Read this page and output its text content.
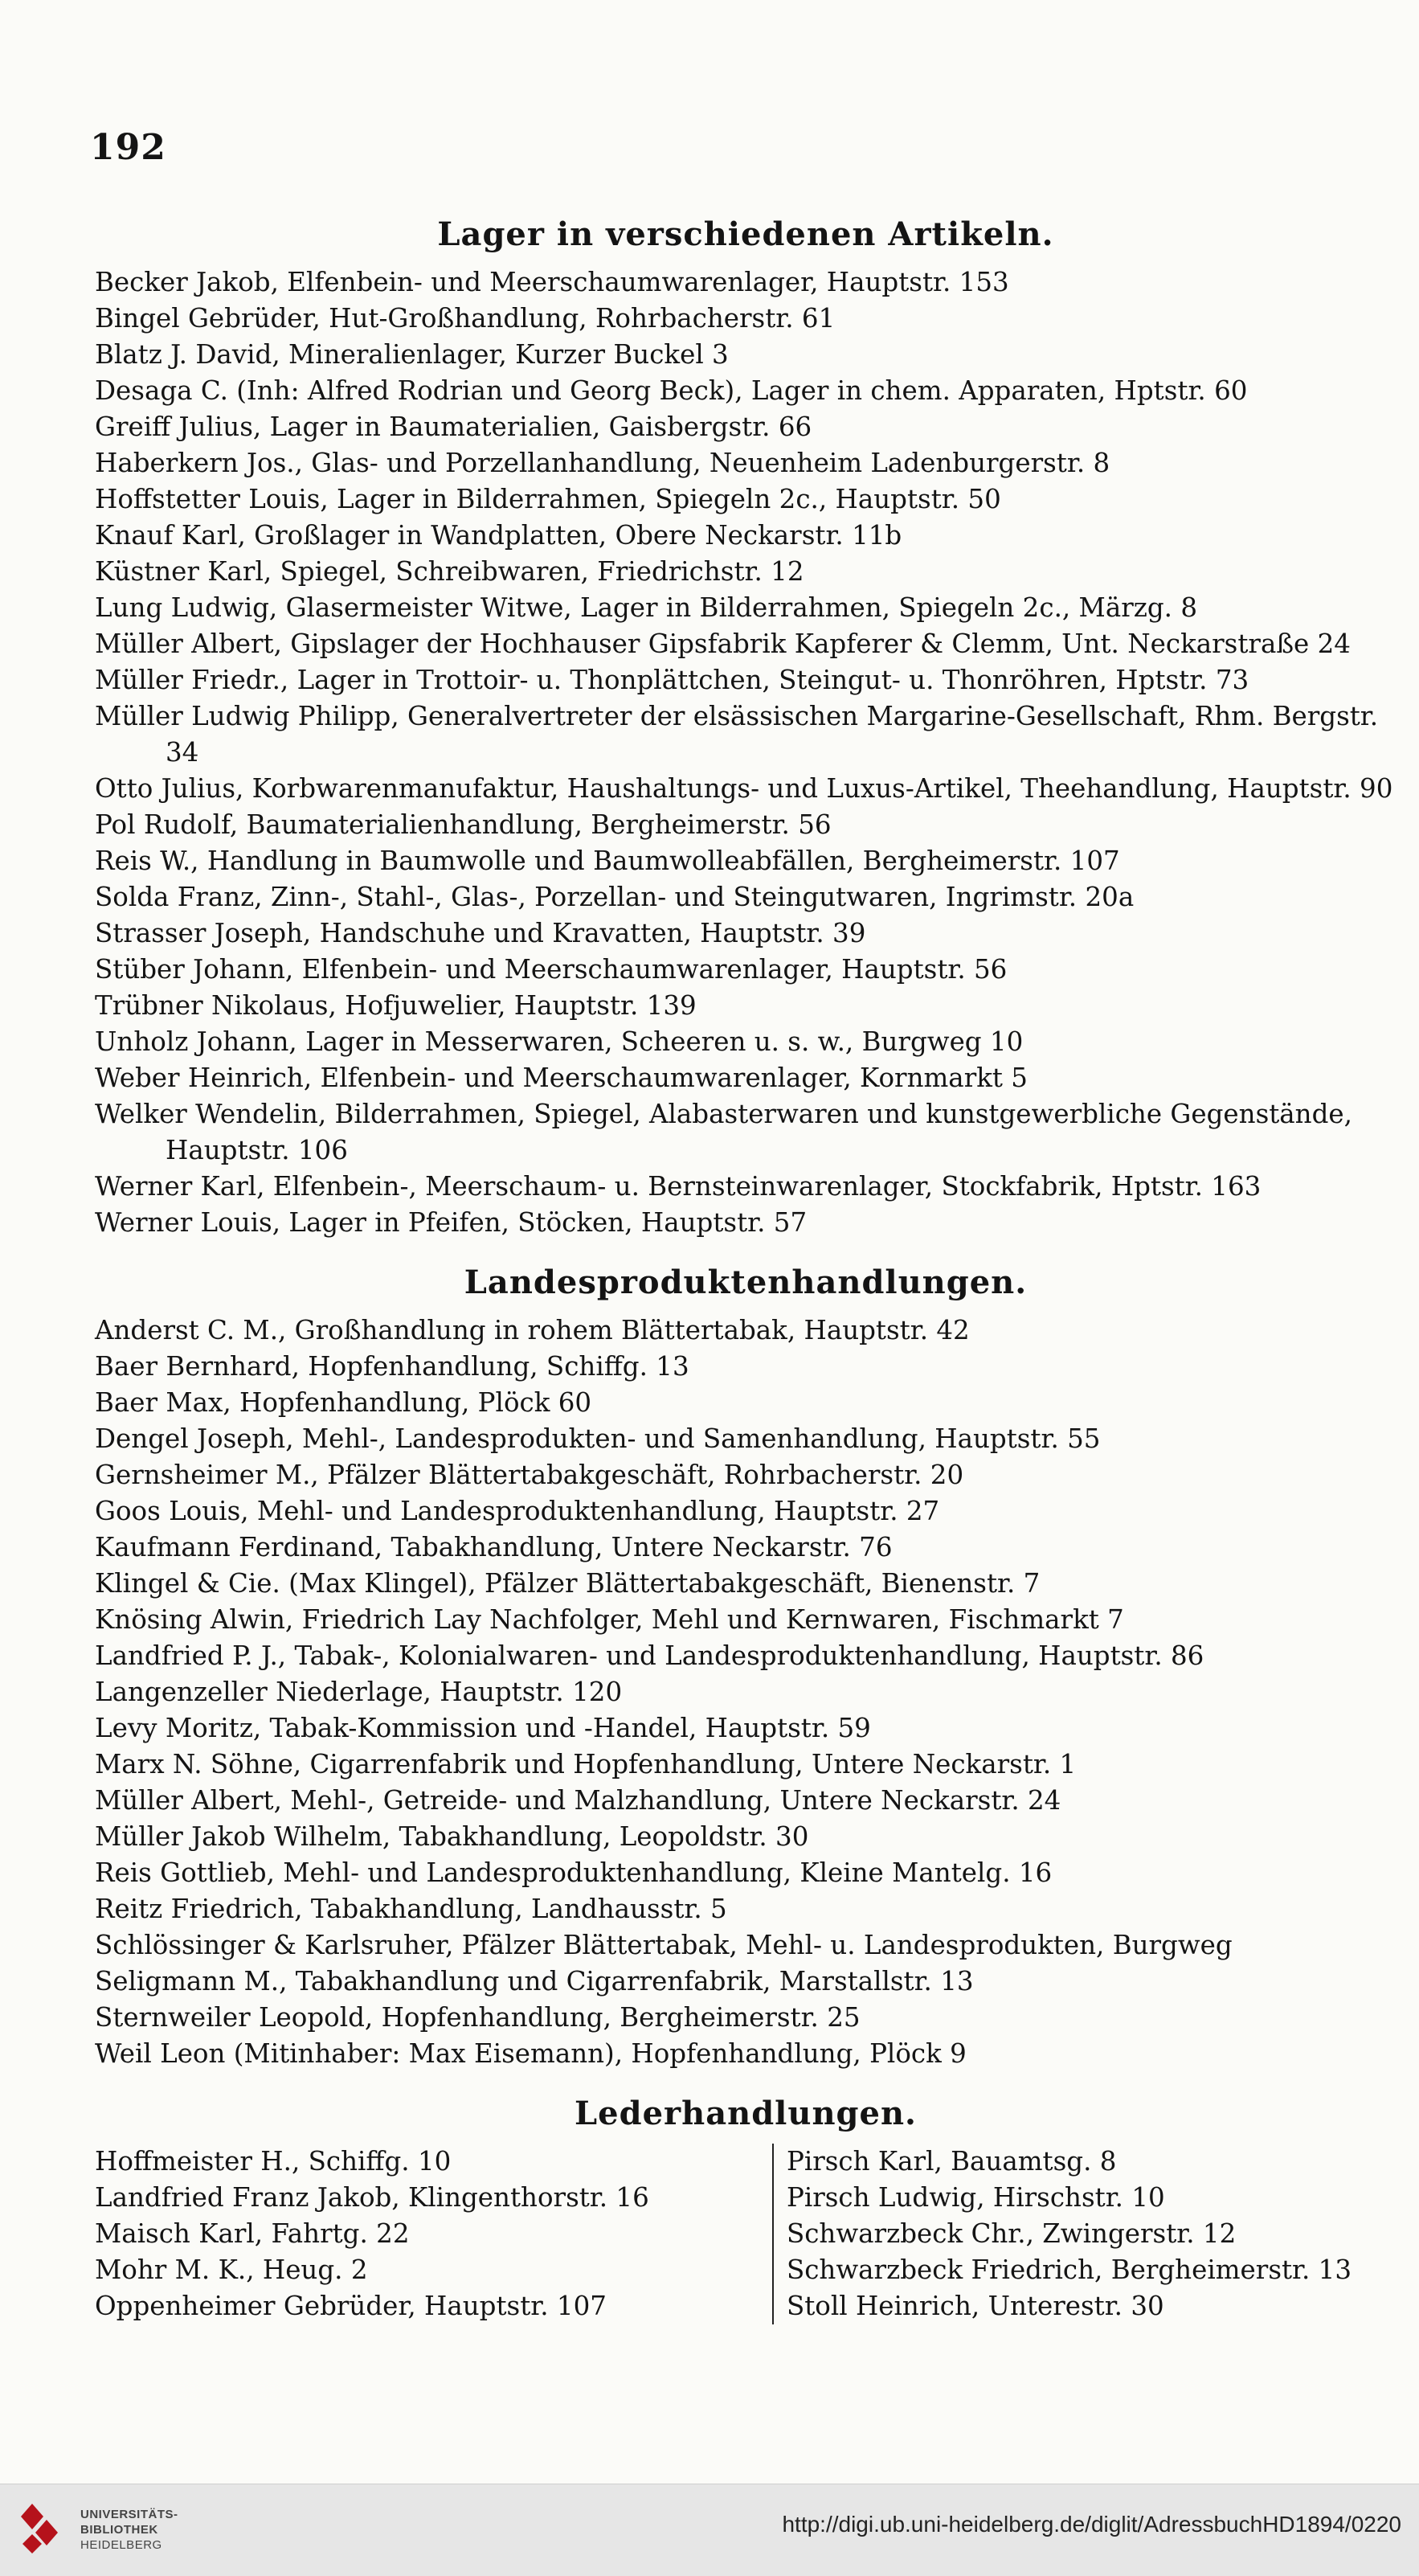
192
Lager in verschiedenen Artikeln.
Becker Jakob, Elfenbein- und Meerschaumwarenlager, Hauptstr. 153
Bingel Gebrüder, Hut-Großhandlung, Rohrbacherstr. 61
Blatz J. David, Mineralienlager, Kurzer Buckel 3
Desaga C. (Inh: Alfred Rodrian und Georg Beck), Lager in chem. Apparaten, Hptstr. 60
Greiff Julius, Lager in Baumaterialien, Gaisbergstr. 66
Haberkern Jos., Glas- und Porzellanhandlung, Neuenheim Ladenburgerstr. 8
Hoffstetter Louis, Lager in Bilderrahmen, Spiegeln 2c., Hauptstr. 50
Knauf Karl, Großlager in Wandplatten, Obere Neckarstr. 11b
Küstner Karl, Spiegel, Schreibwaren, Friedrichstr. 12
Lung Ludwig, Glasermeister Witwe, Lager in Bilderrahmen, Spiegeln 2c., Märzg. 8
Müller Albert, Gipslager der Hochhauser Gipsfabrik Kapferer & Clemm, Unt. Neckarstraße 24
Müller Friedr., Lager in Trottoir- u. Thonplättchen, Steingut- u. Thonröhren, Hptstr. 73
Müller Ludwig Philipp, Generalvertreter der elsässischen Margarine-Gesellschaft, Rhm. Bergstr. 34
Otto Julius, Korbwarenmanufaktur, Haushaltungs- und Luxus-Artikel, Theehandlung, Hauptstr. 90
Pol Rudolf, Baumaterialienhandlung, Bergheimerstr. 56
Reis W., Handlung in Baumwolle und Baumwolleabfällen, Bergheimerstr. 107
Solda Franz, Zinn-, Stahl-, Glas-, Porzellan- und Steingutwaren, Ingrimstr. 20a
Strasser Joseph, Handschuhe und Kravatten, Hauptstr. 39
Stüber Johann, Elfenbein- und Meerschaumwarenlager, Hauptstr. 56
Trübner Nikolaus, Hofjuwelier, Hauptstr. 139
Unholz Johann, Lager in Messerwaren, Scheeren u. s. w., Burgweg 10
Weber Heinrich, Elfenbein- und Meerschaumwarenlager, Kornmarkt 5
Welker Wendelin, Bilderrahmen, Spiegel, Alabasterwaren und kunstgewerbliche Gegenstände, Hauptstr. 106
Werner Karl, Elfenbein-, Meerschaum- u. Bernsteinwarenlager, Stockfabrik, Hptstr. 163
Werner Louis, Lager in Pfeifen, Stöcken, Hauptstr. 57
Landesproduktenhandlungen.
Anderst C. M., Großhandlung in rohem Blättertabak, Hauptstr. 42
Baer Bernhard, Hopfenhandlung, Schiffg. 13
Baer Max, Hopfenhandlung, Plöck 60
Dengel Joseph, Mehl-, Landesprodukten- und Samenhandlung, Hauptstr. 55
Gernsheimer M., Pfälzer Blättertabakgeschäft, Rohrbacherstr. 20
Goos Louis, Mehl- und Landesproduktenhandlung, Hauptstr. 27
Kaufmann Ferdinand, Tabakhandlung, Untere Neckarstr. 76
Klingel & Cie. (Max Klingel), Pfälzer Blättertabakgeschäft, Bienenstr. 7
Knösing Alwin, Friedrich Lay Nachfolger, Mehl und Kernwaren, Fischmarkt 7
Landfried P. J., Tabak-, Kolonialwaren- und Landesproduktenhandlung, Hauptstr. 86
Langenzeller Niederlage, Hauptstr. 120
Levy Moritz, Tabak-Kommission und -Handel, Hauptstr. 59
Marx N. Söhne, Cigarrenfabrik und Hopfenhandlung, Untere Neckarstr. 1
Müller Albert, Mehl-, Getreide- und Malzhandlung, Untere Neckarstr. 24
Müller Jakob Wilhelm, Tabakhandlung, Leopoldstr. 30
Reis Gottlieb, Mehl- und Landesproduktenhandlung, Kleine Mantelg. 16
Reitz Friedrich, Tabakhandlung, Landhausstr. 5
Schlössinger & Karlsruher, Pfälzer Blättertabak, Mehl- u. Landesprodukten, Burgweg
Seligmann M., Tabakhandlung und Cigarrenfabrik, Marstallstr. 13
Sternweiler Leopold, Hopfenhandlung, Bergheimerstr. 25
Weil Leon (Mitinhaber: Max Eisemann), Hopfenhandlung, Plöck 9
Lederhandlungen.
Hoffmeister H., Schiffg. 10
Landfried Franz Jakob, Klingenthorstr. 16
Maisch Karl, Fahrtg. 22
Mohr M. K., Heug. 2
Oppenheimer Gebrüder, Hauptstr. 107
Pirsch Karl, Bauamtsg. 8
Pirsch Ludwig, Hirschstr. 10
Schwarzbeck Chr., Zwingerstr. 12
Schwarzbeck Friedrich, Bergheimerstr. 13
Stoll Heinrich, Unterestr. 30
UNIVERSITÄTS-
BIBLIOTHEK
HEIDELBERG
http://digi.ub.uni-heidelberg.de/diglit/AdressbuchHD1894/0220
